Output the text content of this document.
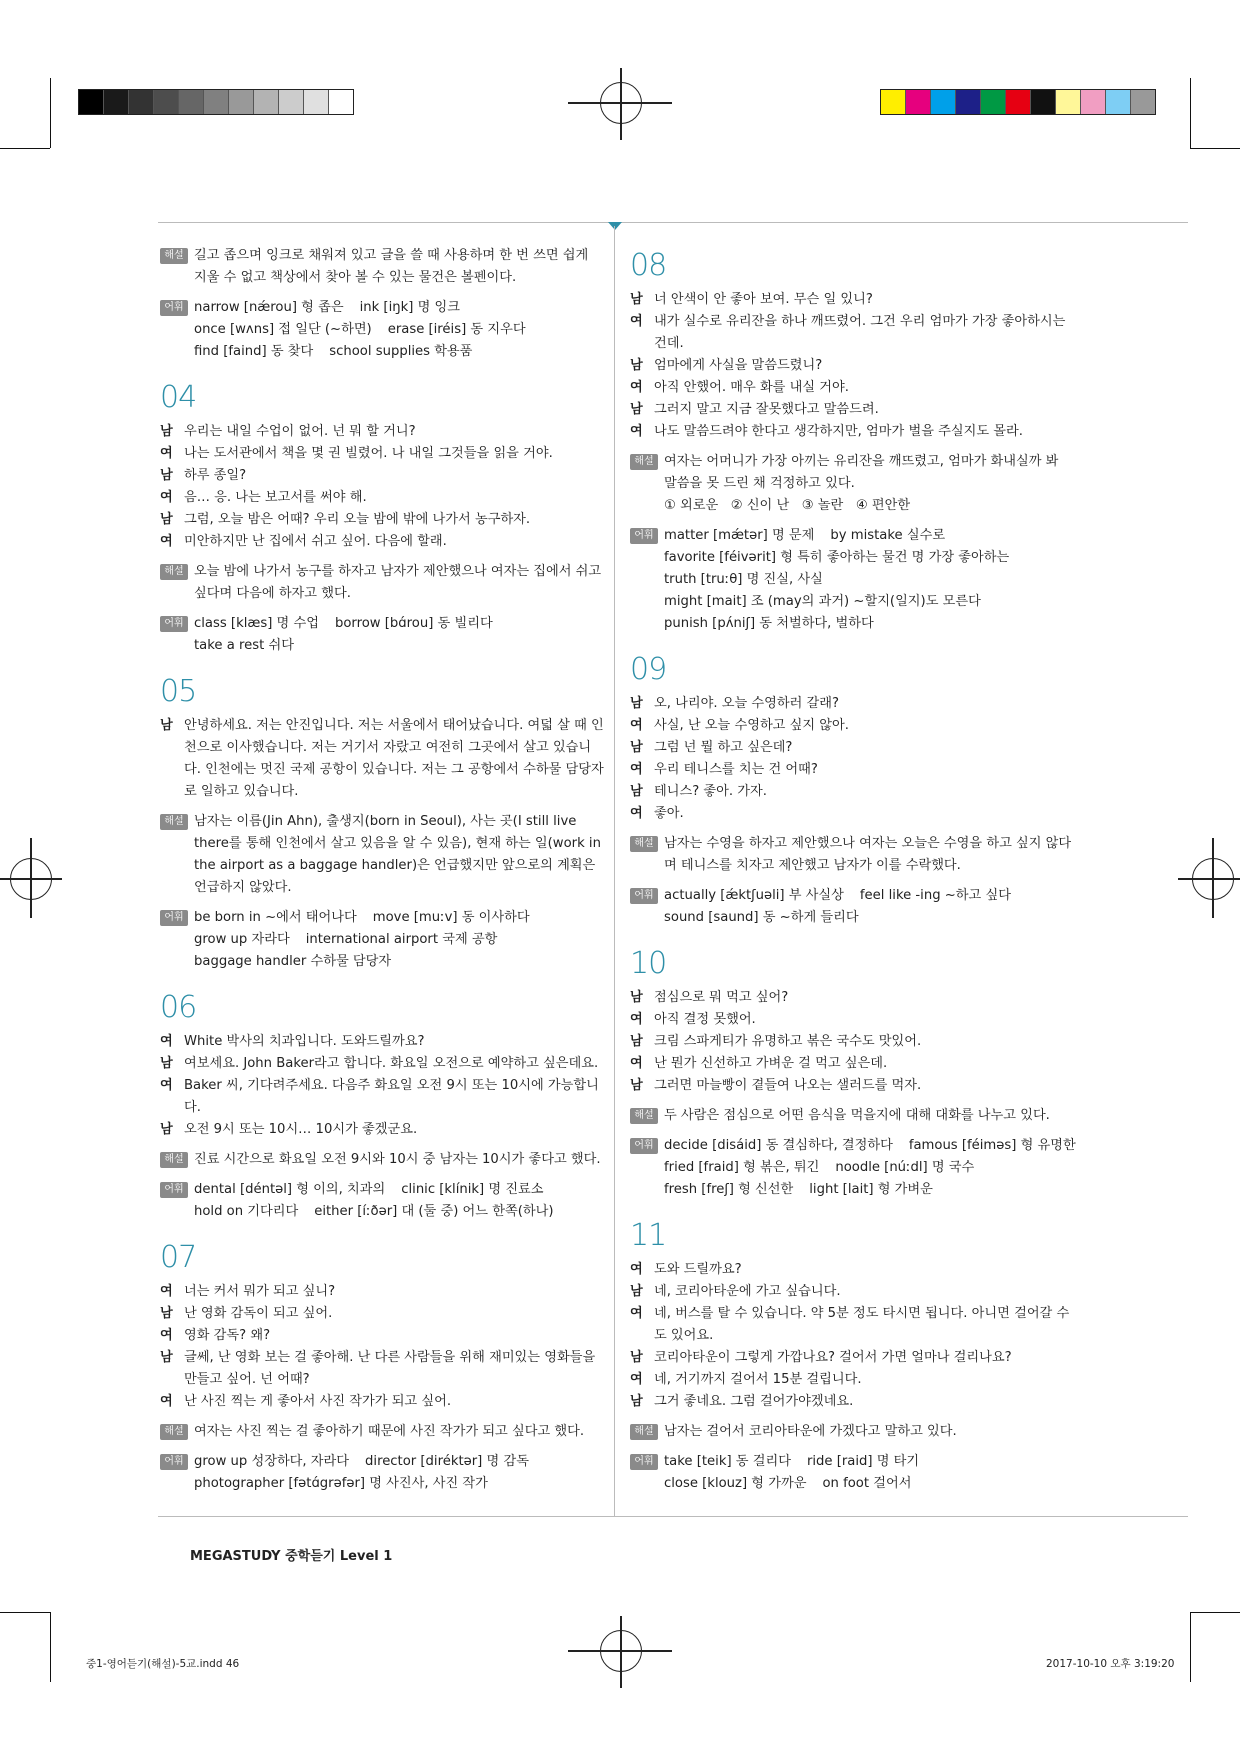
해설 길고 좁으며 잉크로 채워져 있고 글을 쓸 때 사용하며 한 번 쓰면 쉽게 지울 수 없고 책상에서 찾아 볼 수 있는 물건은 볼펜이다.
어휘 narrow [nǽrou] 형 좁은 ink [iŋk] 명 잉크
once [wʌns] 접 일단 (~하면) erase [iréis] 동 지우다
find [faind] 동 찾다 school supplies 학용품
04
남 우리는 내일 수업이 없어. 넌 뭐 할 거니?
여 나는 도서관에서 책을 몇 권 빌렸어. 나 내일 그것들을 읽을 거야.
남 하루 종일?
여 음… 응. 나는 보고서를 써야 해.
남 그럼, 오늘 밤은 어때? 우리 오늘 밤에 밖에 나가서 농구하자.
여 미안하지만 난 집에서 쉬고 싶어. 다음에 할래.
해설 오늘 밤에 나가서 농구를 하자고 남자가 제안했으나 여자는 집에서 쉬고 싶다며 다음에 하자고 했다.
어휘 class [klæs] 명 수업 borrow [bɑ́rou] 동 빌리다
take a rest 쉬다
05
남 안녕하세요. 저는 안진입니다. 저는 서울에서 태어났습니다. 여덟 살 때 인천으로 이사했습니다. 저는 거기서 자랐고 여전히 그곳에서 살고 있습니다. 인천에는 멋진 국제 공항이 있습니다. 저는 그 공항에서 수하물 담당자로 일하고 있습니다.
해설 남자는 이름(Jin Ahn), 출생지(born in Seoul), 사는 곳(I still live there를 통해 인천에서 살고 있음을 알 수 있음), 현재 하는 일(work in the airport as a baggage handler)은 언급했지만 앞으로의 계획은 언급하지 않았다.
어휘 be born in ~에서 태어나다 move [muːv] 동 이사하다
grow up 자라다 international airport 국제 공항
baggage handler 수하물 담당자
06
여 White 박사의 치과입니다. 도와드릴까요?
남 여보세요. John Baker라고 합니다. 화요일 오전으로 예약하고 싶은데요.
여 Baker 씨, 기다려주세요. 다음주 화요일 오전 9시 또는 10시에 가능합니다.
남 오전 9시 또는 10시… 10시가 좋겠군요.
해설 진료 시간으로 화요일 오전 9시와 10시 중 남자는 10시가 좋다고 했다.
어휘 dental [déntəl] 형 이의, 치과의 clinic [klínik] 명 진료소
hold on 기다리다 either [íːðər] 대 (둘 중) 어느 한쪽(하나)
07
여 너는 커서 뭐가 되고 싶니?
남 난 영화 감독이 되고 싶어.
여 영화 감독? 왜?
남 글쎄, 난 영화 보는 걸 좋아해. 난 다른 사람들을 위해 재미있는 영화들을 만들고 싶어. 넌 어때?
여 난 사진 찍는 게 좋아서 사진 작가가 되고 싶어.
해설 여자는 사진 찍는 걸 좋아하기 때문에 사진 작가가 되고 싶다고 했다.
어휘 grow up 성장하다, 자라다 director [diréktər] 명 감독
photographer [fətɑ́grəfər] 명 사진사, 사진 작가
08
남 너 안색이 안 좋아 보여. 무슨 일 있니?
여 내가 실수로 유리잔을 하나 깨뜨렸어. 그건 우리 엄마가 가장 좋아하시는 건데.
남 엄마에게 사실을 말씀드렸니?
여 아직 안했어. 매우 화를 내실 거야.
남 그러지 말고 지금 잘못했다고 말씀드려.
여 나도 말씀드려야 한다고 생각하지만, 엄마가 벌을 주실지도 몰라.
해설 여자는 어머니가 가장 아끼는 유리잔을 깨뜨렸고, 엄마가 화내실까 봐 말씀을 못 드린 채 걱정하고 있다.
① 외로운   ② 신이 난   ③ 놀란   ④ 편안한
어휘 matter [mǽtər] 명 문제 by mistake 실수로
favorite [féivərit] 형 특히 좋아하는 물건 명 가장 좋아하는
truth [truːθ] 명 진실, 사실
might [mait] 조 (may의 과거) ~할지(일지)도 모른다
punish [pʌ́niʃ] 동 처벌하다, 벌하다
09
남 오, 나리야. 오늘 수영하러 갈래?
여 사실, 난 오늘 수영하고 싶지 않아.
남 그럼 넌 뭘 하고 싶은데?
여 우리 테니스를 치는 건 어때?
남 테니스? 좋아. 가자.
여 좋아.
해설 남자는 수영을 하자고 제안했으나 여자는 오늘은 수영을 하고 싶지 않다며 테니스를 치자고 제안했고 남자가 이를 수락했다.
어휘 actually [ǽktʃuəli] 부 사실상 feel like -ing ~하고 싶다
sound [saund] 동 ~하게 들리다
10
남 점심으로 뭐 먹고 싶어?
여 아직 결정 못했어.
남 크림 스파게티가 유명하고 볶은 국수도 맛있어.
여 난 뭔가 신선하고 가벼운 걸 먹고 싶은데.
남 그러면 마늘빵이 곁들여 나오는 샐러드를 먹자.
해설 두 사람은 점심으로 어떤 음식을 먹을지에 대해 대화를 나누고 있다.
어휘 decide [disáid] 동 결심하다, 결정하다 famous [féiməs] 형 유명한
fried [fraid] 형 볶은, 튀긴 noodle [núːdl] 명 국수
fresh [freʃ] 형 신선한 light [lait] 형 가벼운
11
여 도와 드릴까요?
남 네, 코리아타운에 가고 싶습니다.
여 네, 버스를 탈 수 있습니다. 약 5분 정도 타시면 됩니다. 아니면 걸어갈 수도 있어요.
남 코리아타운이 그렇게 가깝나요? 걸어서 가면 얼마나 걸리나요?
여 네, 거기까지 걸어서 15분 걸립니다.
남 그거 좋네요. 그럼 걸어가야겠네요.
해설 남자는 걸어서 코리아타운에 가겠다고 말하고 있다.
어휘 take [teik] 동 걸리다 ride [raid] 명 타기
close [klouz] 형 가까운 on foot 걸어서
MEGASTUDY 중학듣기 Level 1
중1-영어듣기(해설)-5교.indd 46	2017-10-10 오후 3:19:20
